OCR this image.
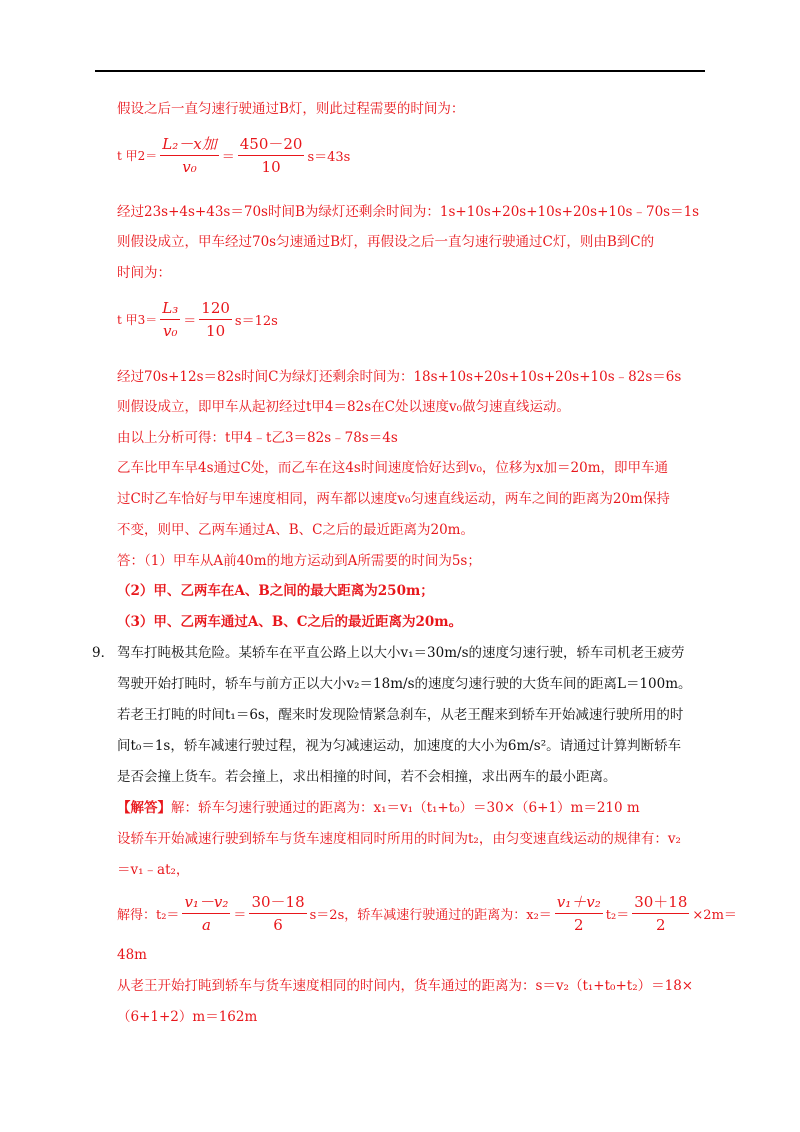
假设之后一直匀速行驶通过B灯，则此过程需要的时间为：
t 甲$2= \frac{\text{L₂－x加}}{\text{v₀}} = \frac{450-20}{10} s=43s$
经过23s+4s+43s＝70s时间B为绿灯还剩余时间为：1s+10s+20s+10s+20s+10s﹣70s＝1s
则假设成立，甲车经过70s匀速通过B灯，再假设之后一直匀速行驶通过C灯，则由B到C的
时间为：
t 甲$3= \frac{\text{L₃}}{\text{v₀}} = \frac{120}{10} s=12s$
经过70s+12s＝82s时间C为绿灯还剩余时间为：18s+10s+20s+10s+20s+10s﹣82s＝6s
则假设成立，即甲车从起初经过t甲4＝82s在C处以速度v₀做匀速直线运动。
由以上分析可得：t甲4﹣t乙3＝82s﹣78s＝4s
乙车比甲车早4s通过C处，而乙车在这4s时间速度恰好达到v₀，位移为x加＝20m，即甲车通
过C时乙车恰好与甲车速度相同，两车都以速度v₀匀速直线运动，两车之间的距离为20m保持
不变，则甲、乙两车通过A、B、C之后的最近距离为20m。
答：（1）甲车从A前40m的地方运动到A所需要的时间为5s；
（2）甲、乙两车在A、B之间的最大距离为250m；
（3）甲、乙两车通过A、B、C之后的最近距离为20m。
9． 驾车打盹极其危险。某轿车在平直公路上以大小v₁＝30m/s的速度匀速行驶，轿车司机老王疲劳
驾驶开始打盹时，轿车与前方正以大小v₂＝18m/s的速度匀速行驶的大货车间的距离L＝100m。
若老王打盹的时间t₁＝6s，醒来时发现险情紧急刹车，从老王醒来到轿车开始减速行驶所用的时
间t₀＝1s，轿车减速行驶过程，视为匀减速运动，加速度的大小为6m/s²。请通过计算判断轿车
是否会撞上货车。若会撞上，求出相撞的时间，若不会相撞，求出两车的最小距离。
【解答】解：轿车匀速行驶通过的距离为：x₁＝v₁（t₁+t₀）＝30×（6+1）m＝210 m
设轿车开始减速行驶到轿车与货车速度相同时所用的时间为t₂，由匀变速直线运动的规律有：v₂
＝v₁﹣at₂，
解得：$t_2= \frac{\text{v₁－v₂}}{a} = \frac{30-18}{6} s=2s$，轿车减速行驶通过的距离为：$x_2= \frac{\text{v₁＋v₂}}{2} t_2= \frac{30+18}{2} \times 2m=$
48m
从老王开始打盹到轿车与货车速度相同的时间内，货车通过的距离为：s＝v₂（t₁+t₀+t₂）＝18×
（6+1+2）m＝162m
